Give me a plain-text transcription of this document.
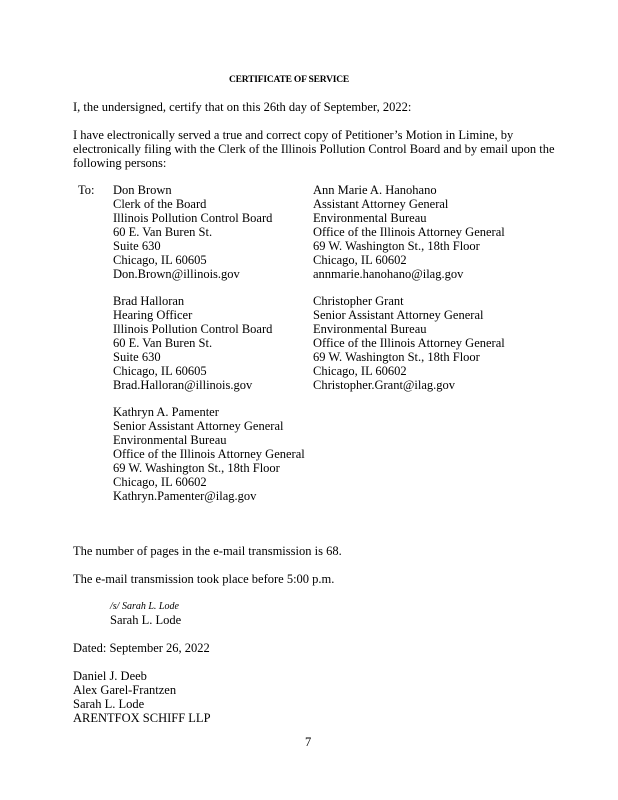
CERTIFICATE OF SERVICE
I, the undersigned, certify that on this 26th day of September, 2022:
I have electronically served a true and correct copy of Petitioner’s Motion in Limine, by
electronically filing with the Clerk of the Illinois Pollution Control Board and by email upon the
following persons:
To: Don Brown
Clerk of the Board
Illinois Pollution Control Board
60 E. Van Buren St.
Suite 630
Chicago, IL 60605
Don.Brown@illinois.gov
Ann Marie A. Hanohano
Assistant Attorney General
Environmental Bureau
Office of the Illinois Attorney General
69 W. Washington St., 18th Floor
Chicago, IL 60602
annmarie.hanohano@ilag.gov
Brad Halloran
Hearing Officer
Illinois Pollution Control Board
60 E. Van Buren St.
Suite 630
Chicago, IL 60605
Brad.Halloran@illinois.gov
Christopher Grant
Senior Assistant Attorney General
Environmental Bureau
Office of the Illinois Attorney General
69 W. Washington St., 18th Floor
Chicago, IL 60602
Christopher.Grant@ilag.gov
Kathryn A. Pamenter
Senior Assistant Attorney General
Environmental Bureau
Office of the Illinois Attorney General
69 W. Washington St., 18th Floor
Chicago, IL 60602
Kathryn.Pamenter@ilag.gov
The number of pages in the e-mail transmission is 68.
The e-mail transmission took place before 5:00 p.m.
/s/ Sarah L. Lode
Sarah L. Lode
Dated: September 26, 2022
Daniel J. Deeb
Alex Garel-Frantzen
Sarah L. Lode
ARENTFOX SCHIFF LLP
7
